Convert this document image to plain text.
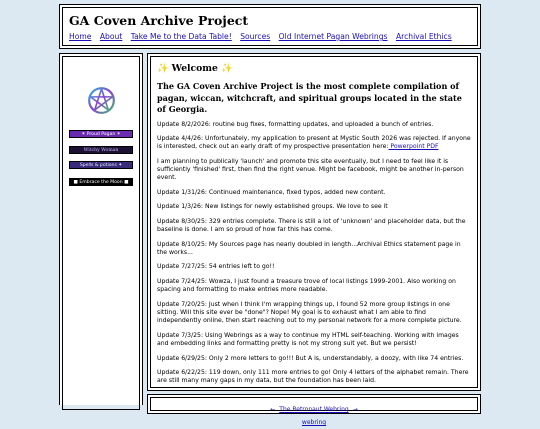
GA Coven Archive Project
Home About Take Me to the Data Table! Sources Old Internet Pagan Webrings Archival Ethics
✶ Proud Pagan ✶
Witchy Woman
Spells & potions ✦
■ Embrace the Moon ■
✨ Welcome ✨

The GA Coven Archive Project is the most complete compilation of pagan, wiccan, witchcraft, and spiritual groups located in the state of Georgia.

Update 8/2/2026: routine bug fixes, formatting updates, and uploaded a bunch of entries.

Update 4/4/26: Unfortunately, my application to present at Mystic South 2026 was rejected. If anyone is interested, check out an early draft of my prospective presentation here: Powerpoint PDF

I am planning to publically 'launch' and promote this site eventually, but I need to feel like it is sufficiently 'finished' first, then find the right venue. Might be facebook, might be another in-person event.

Update 1/31/26: Continued maintenance, fixed typos, added new content.

Update 1/3/26: New listings for newly established groups. We love to see it

Update 8/30/25: 329 entries complete. There is still a lot of 'unknown' and placeholder data, but the baseline is done. I am so proud of how far this has come.

Update 8/10/25: My Sources page has nearly doubled in length...Archival Ethics statement page in the works...

Update 7/27/25: 54 entries left to go!!

Update 7/24/25: Wowza, I just found a treasure trove of local listings 1999-2001. Also working on spacing and formatting to make entries more readable.

Update 7/20/25: Just when I think I'm wrapping things up, I found 52 more group listings in one sitting. Will this site ever be "done"? Nope! My goal is to exhaust what I am able to find independently online, then start reaching out to my personal network for a more complete picture.

Update 7/3/25: Using Webrings as a way to continue my HTML self-teaching. Working with images and embedding links and formatting pretty is not my strong suit yet. But we persist!

Update 6/29/25: Only 2 more letters to go!!! But A is, understandably, a doozy, with like 74 entries.

Update 6/22/25: 119 down, only 111 more entries to go! Only 4 letters of the alphabet remain. There are still many many gaps in my data, but the foundation has been laid.

← The Retronaut Webring →
webring
